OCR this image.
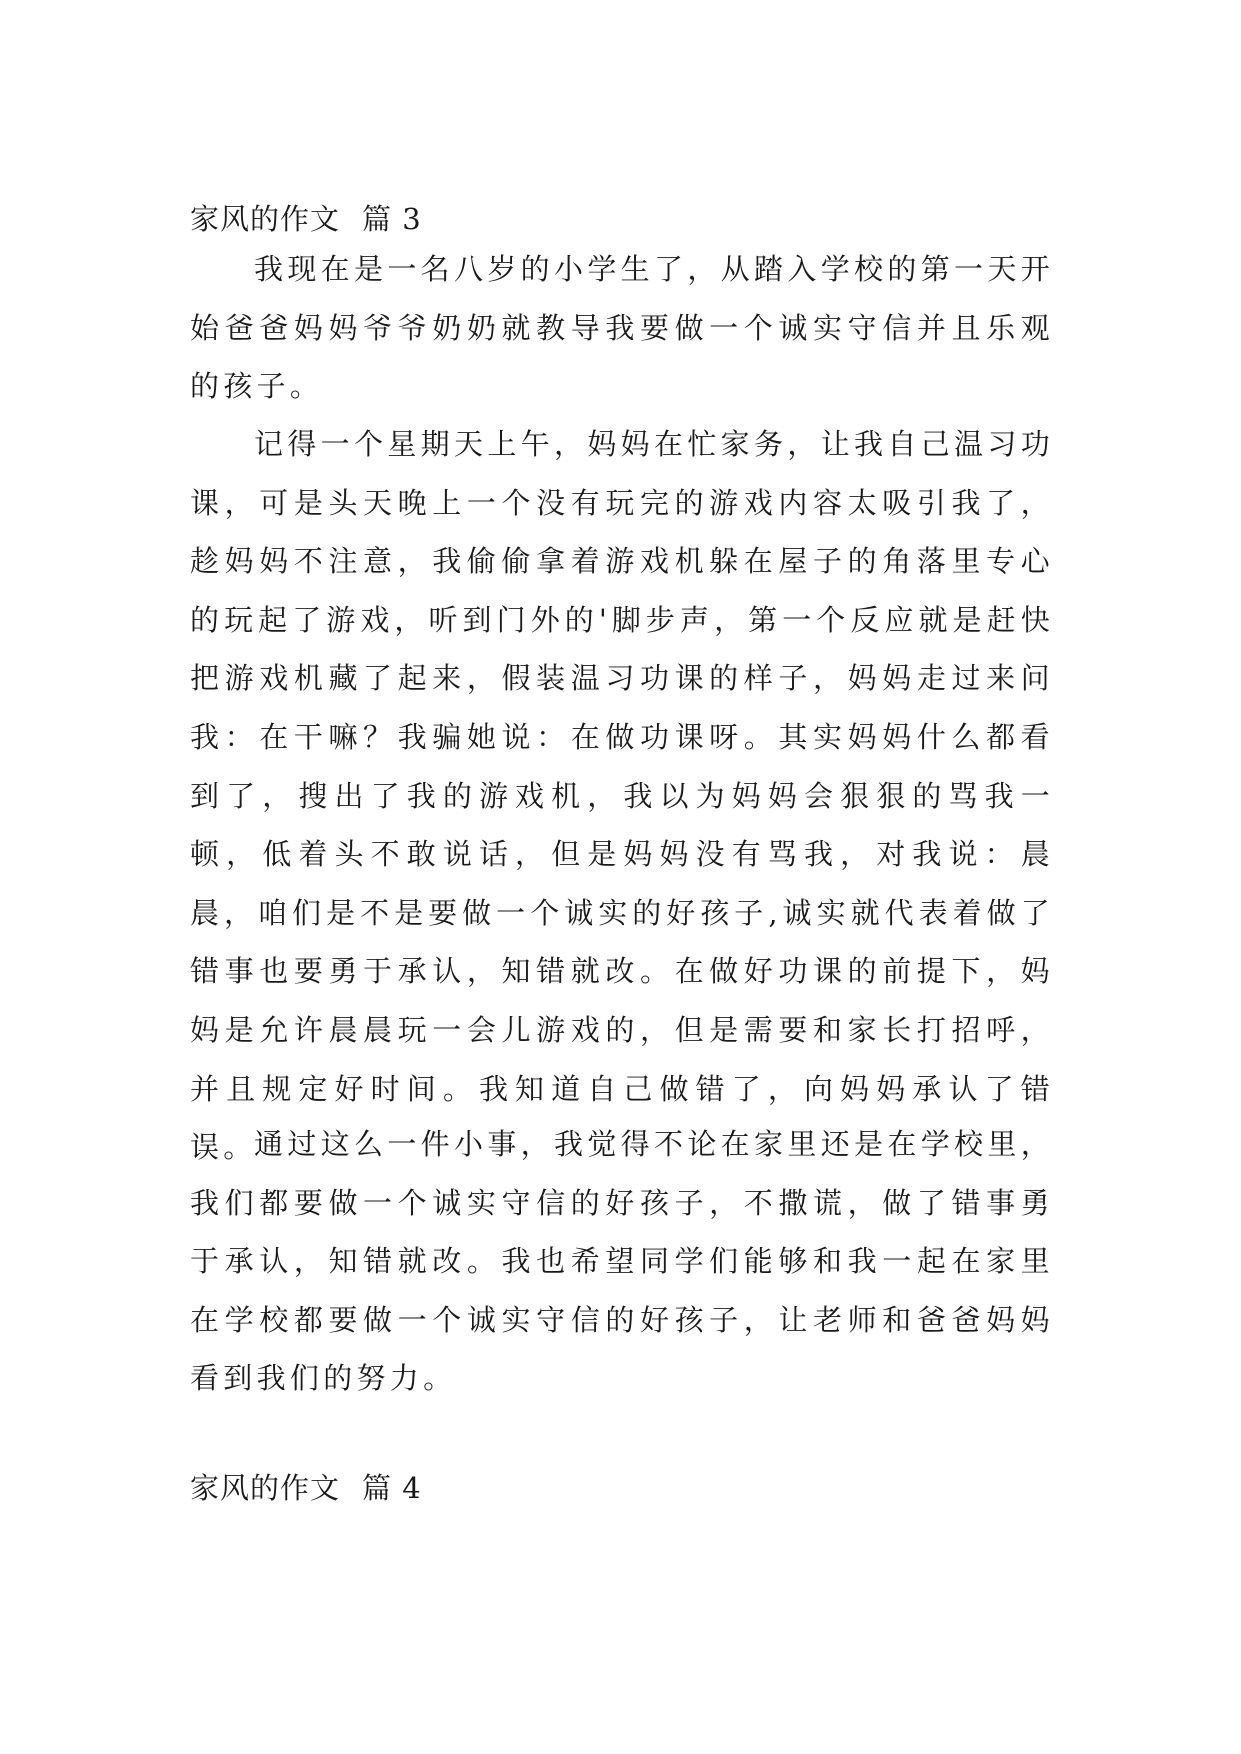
家风的作文 篇 3

我现在是一名八岁的小学生了，从踏入学校的第一天开始爸爸妈妈爷爷奶奶就教导我要做一个诚实守信并且乐观的孩子。

记得一个星期天上午，妈妈在忙家务，让我自己温习功课，可是头天晚上一个没有玩完的游戏内容太吸引我了，趁妈妈不注意，我偷偷拿着游戏机躲在屋子的角落里专心的玩起了游戏，听到门外的'脚步声，第一个反应就是赶快把游戏机藏了起来，假装温习功课的样子，妈妈走过来问我：在干嘛？我骗她说：在做功课呀。其实妈妈什么都看到了，搜出了我的游戏机，我以为妈妈会狠狠的骂我一顿，低着头不敢说话，但是妈妈没有骂我，对我说：晨晨，咱们是不是要做一个诚实的好孩子,诚实就代表着做了错事也要勇于承认，知错就改。在做好功课的前提下，妈妈是允许晨晨玩一会儿游戏的，但是需要和家长打招呼，并且规定好时间。我知道自己做错了，向妈妈承认了错误。

通过这么一件小事，我觉得不论在家里还是在学校里，我们都要做一个诚实守信的好孩子，不撒谎，做了错事勇于承认，知错就改。我也希望同学们能够和我一起在家里在学校都要做一个诚实守信的好孩子，让老师和爸爸妈妈看到我们的努力。

家风的作文 篇 4
